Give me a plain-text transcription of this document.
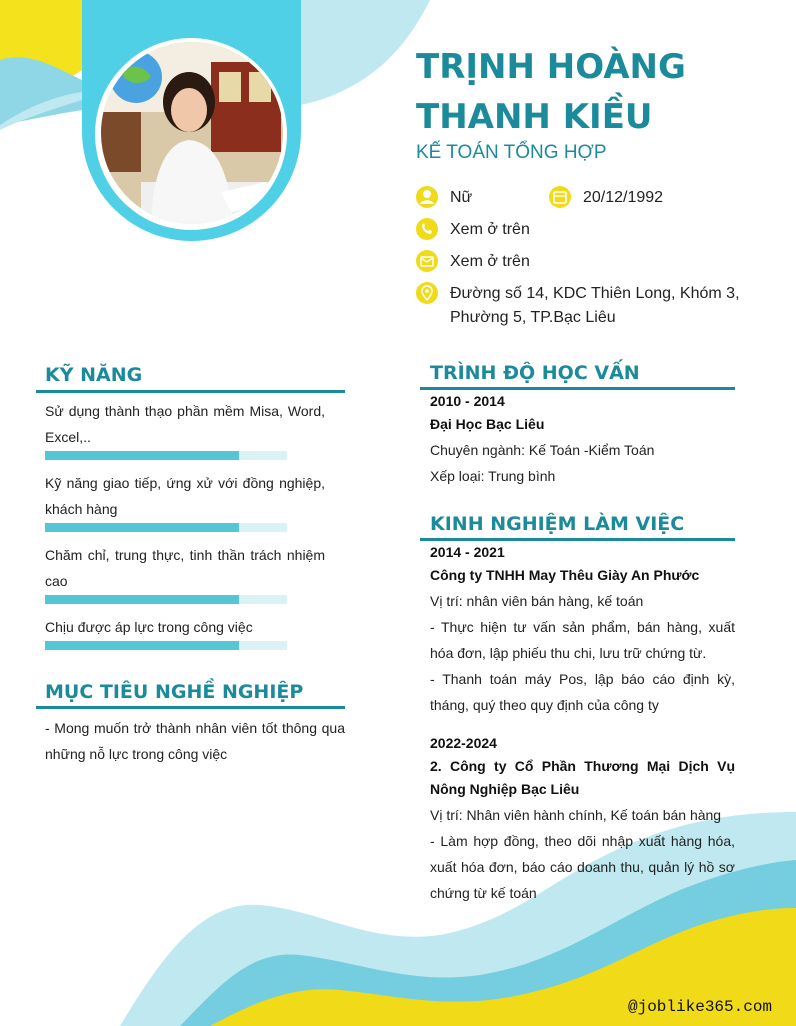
TRỊNH HOÀNG
THANH KIỀU
KẾ TOÁN TỔNG HỢP
Nữ	20/12/1992
Xem ở trên
Xem ở trên
Đường số 14, KDC Thiên Long, Khóm 3,
Phường 5, TP.Bạc Liêu
KỸ NĂNG
Sử dụng thành thạo phần mềm Misa, Word, Excel,..
Kỹ năng giao tiếp, ứng xử với đồng nghiệp, khách hàng
Chăm chỉ, trung thực, tinh thần trách nhiệm cao
Chịu được áp lực trong công việc
MỤC TIÊU NGHỀ NGHIỆP
- Mong muốn trở thành nhân viên tốt thông qua những nỗ lực trong công việc
TRÌNH ĐỘ HỌC VẤN
2010 - 2014
Đại Học Bạc Liêu
Chuyên ngành: Kế Toán -Kiểm Toán
Xếp loại: Trung bình
KINH NGHIỆM LÀM VIỆC
2014 - 2021
Công ty TNHH May Thêu Giày An Phước
Vị trí: nhân viên bán hàng, kế toán
- Thực hiện tư vấn sản phẩm, bán hàng, xuất hóa đơn, lập phiếu thu chi, lưu trữ chứng từ.
- Thanh toán máy Pos, lập báo cáo định kỳ, tháng, quý theo quy định của công ty
2022-2024
2. Công ty Cổ Phần Thương Mại Dịch Vụ Nông Nghiệp Bạc Liêu
Vị trí: Nhân viên hành chính, Kế toán bán hàng
- Làm hợp đồng, theo dõi nhập xuất hàng hóa, xuất hóa đơn, báo cáo doanh thu, quản lý hồ sơ chứng từ kế toán
@joblike365.com
